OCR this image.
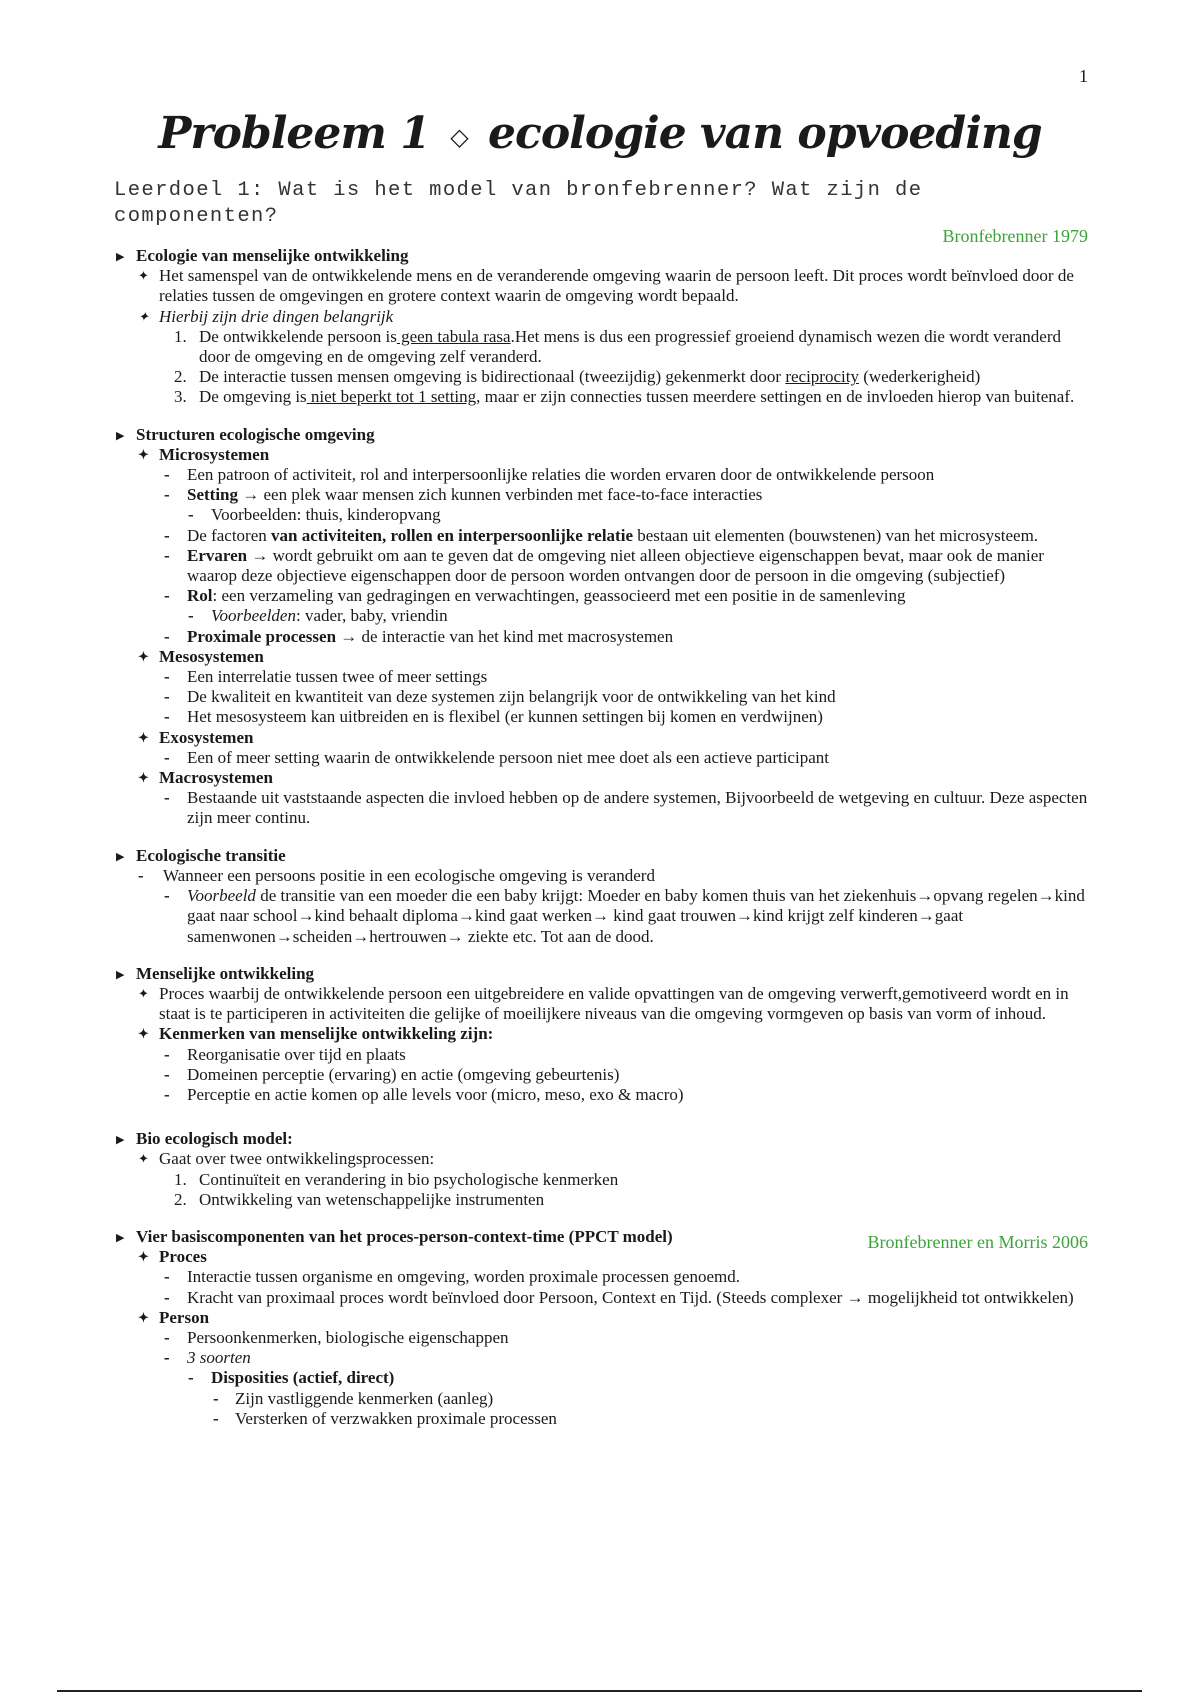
1
Probleem 1 ◇ ecologie van opvoeding
Leerdoel 1: Wat is het model van bronfebrenner? Wat zijn de componenten?
Bronfebrenner 1979
Bronfebrenner en Morris 2006
▶ Ecologie van menselijke ontwikkeling
✦ Het samenspel van de ontwikkelende mens en de veranderende omgeving waarin de persoon leeft. Dit proces wordt beïnvloed door de relaties tussen de omgevingen en grotere context waarin de omgeving wordt bepaald.
✦ Hierbij zijn drie dingen belangrijk
1. De ontwikkelende persoon is geen tabula rasa.Het mens is dus een progressief groeiend dynamisch wezen die wordt veranderd door de omgeving en de omgeving zelf veranderd.
2. De interactie tussen mensen omgeving is bidirectionaal (tweezijdig) gekenmerkt door reciprocity (wederkerigheid)
3. De omgeving is niet beperkt tot 1 setting, maar er zijn connecties tussen meerdere settingen en de invloeden hierop van buitenaf.
▶ Structuren ecologische omgeving
✦ Microsystemen
- Een patroon of activiteit, rol and interpersoonlijke relaties die worden ervaren door de ontwikkelende persoon
- Setting → een plek waar mensen zich kunnen verbinden met face-to-face interacties
- Voorbeelden: thuis, kinderopvang
- De factoren van activiteiten, rollen en interpersoonlijke relatie bestaan uit elementen (bouwstenen) van het microsysteem.
- Ervaren → wordt gebruikt om aan te geven dat de omgeving niet alleen objectieve eigenschappen bevat, maar ook de manier waarop deze objectieve eigenschappen door de persoon worden ontvangen door de persoon in die omgeving (subjectief)
- Rol: een verzameling van gedragingen en verwachtingen, geassocieerd met een positie in de samenleving
- Voorbeelden: vader, baby, vriendin
- Proximale processen → de interactie van het kind met macrosystemen
✦ Mesosystemen
- Een interrelatie tussen twee of meer settings
- De kwaliteit en kwantiteit van deze systemen zijn belangrijk voor de ontwikkeling van het kind
- Het mesosysteem kan uitbreiden en is flexibel (er kunnen settingen bij komen en verdwijnen)
✦ Exosystemen
- Een of meer setting waarin de ontwikkelende persoon niet mee doet als een actieve participant
✦ Macrosystemen
- Bestaande uit vaststaande aspecten die invloed hebben op de andere systemen, Bijvoorbeeld de wetgeving en cultuur. Deze aspecten zijn meer continu.
▶ Ecologische transitie
- Wanneer een persoons positie in een ecologische omgeving is veranderd
- Voorbeeld de transitie van een moeder die een baby krijgt: Moeder en baby komen thuis van het ziekenhuis→opvang regelen→kind gaat naar school→kind behaalt diploma→kind gaat werken→ kind gaat trouwen→kind krijgt zelf kinderen→gaat samenwonen→scheiden→hertrouwen→ ziekte etc. Tot aan de dood.
▶ Menselijke ontwikkeling
✦ Proces waarbij de ontwikkelende persoon een uitgebreidere en valide opvattingen van de omgeving verwerft,gemotiveerd wordt en in staat is te participeren in activiteiten die gelijke of moeilijkere niveaus van die omgeving vormgeven op basis van vorm of inhoud.
✦ Kenmerken van menselijke ontwikkeling zijn:
- Reorganisatie over tijd en plaats
- Domeinen perceptie (ervaring) en actie (omgeving gebeurtenis)
- Perceptie en actie komen op alle levels voor (micro, meso, exo & macro)
▶ Bio ecologisch model:
✦ Gaat over twee ontwikkelingsprocessen:
1. Continuïteit en verandering in bio psychologische kenmerken
2. Ontwikkeling van wetenschappelijke instrumenten
▶ Vier basiscomponenten van het proces-person-context-time (PPCT model)
✦ Proces
- Interactie tussen organisme en omgeving, worden proximale processen genoemd.
- Kracht van proximaal proces wordt beïnvloed door Persoon, Context en Tijd. (Steeds complexer → mogelijkheid tot ontwikkelen)
✦ Person
- Persoonkenmerken, biologische eigenschappen
- 3 soorten
- Disposities (actief, direct)
- Zijn vastliggende kenmerken (aanleg)
- Versterken of verzwakken proximale processen
